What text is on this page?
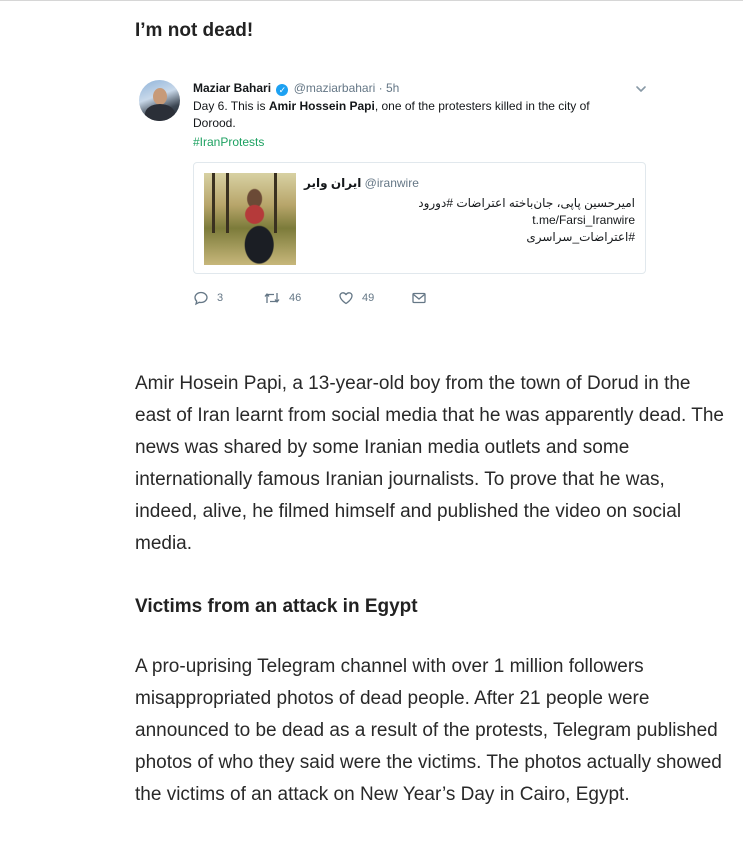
I’m not dead!
Maziar Bahari ✓ @maziarbahari · 5h
Day 6. This is Amir Hossein Papi, one of the protesters killed in the city of Dorood.
#IranProtests
ایران وایر @iranwire
امیرحسین پاپی، جان‌باخته اعتراضات #دورود
t.me/Farsi_Iranwire
#اعتراضات_سراسری
3	46	49

Amir Hosein Papi, a 13-year-old boy from the town of Dorud in the east of Iran learnt from social media that he was apparently dead. The news was shared by some Iranian media outlets and some internationally famous Iranian journalists. To prove that he was, indeed, alive, he filmed himself and published the video on social media.

Victims from an attack in Egypt

A pro-uprising Telegram channel with over 1 million followers misappropriated photos of dead people. After 21 people were announced to be dead as a result of the protests, Telegram published photos of who they said were the victims. The photos actually showed the victims of an attack on New Year’s Day in Cairo, Egypt.
